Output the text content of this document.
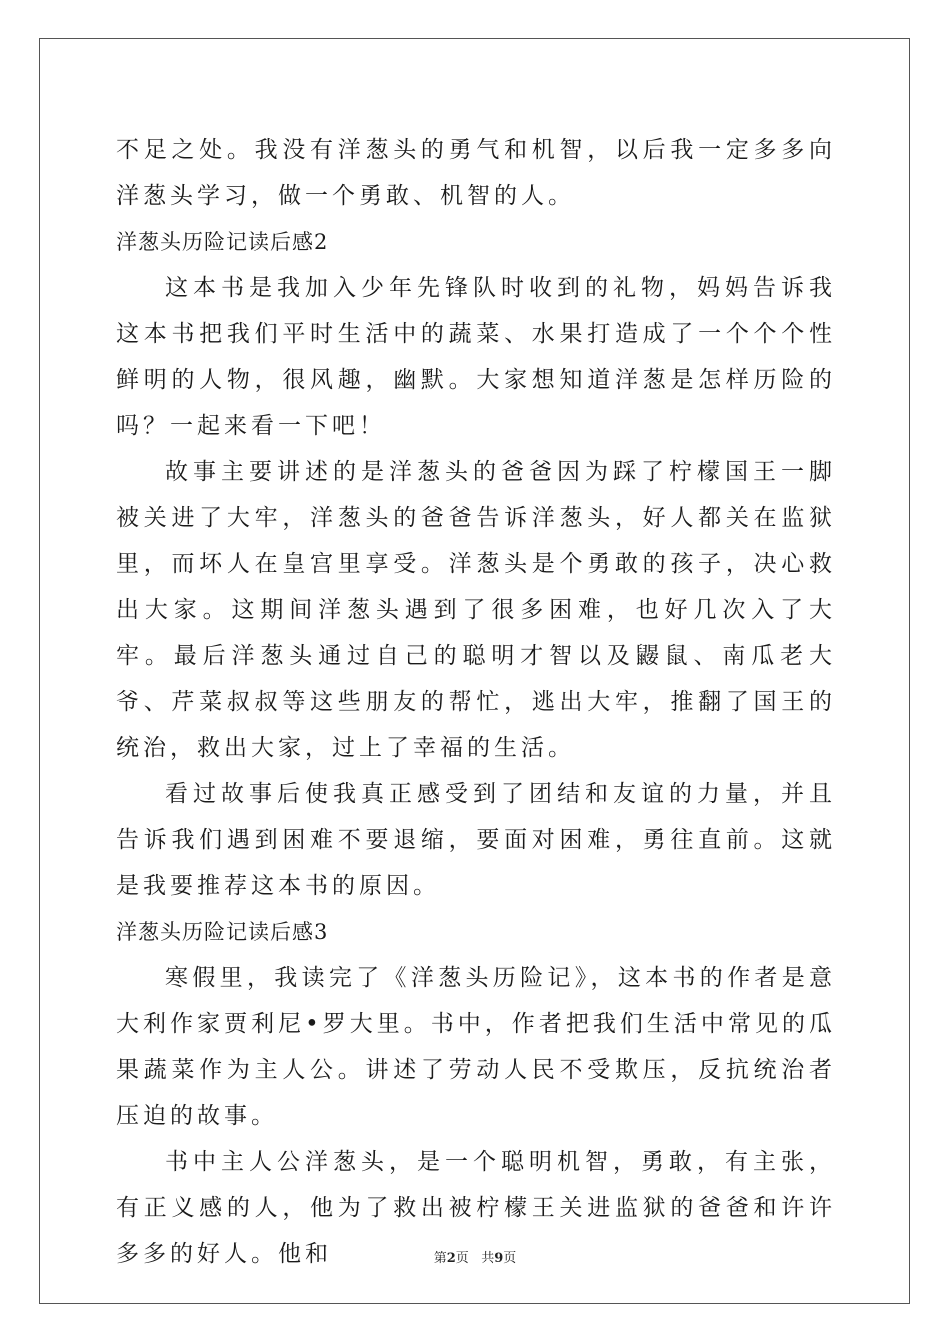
不足之处。我没有洋葱头的勇气和机智，以后我一定多多向洋葱头学习，做一个勇敢、机智的人。

洋葱头历险记读后感2

这本书是我加入少年先锋队时收到的礼物，妈妈告诉我这本书把我们平时生活中的蔬菜、水果打造成了一个个个性鲜明的人物，很风趣，幽默。大家想知道洋葱是怎样历险的吗？一起来看一下吧！

故事主要讲述的是洋葱头的爸爸因为踩了柠檬国王一脚被关进了大牢，洋葱头的爸爸告诉洋葱头，好人都关在监狱里，而坏人在皇宫里享受。洋葱头是个勇敢的孩子，决心救出大家。这期间洋葱头遇到了很多困难，也好几次入了大牢。最后洋葱头通过自己的聪明才智以及鼹鼠、南瓜老大爷、芹菜叔叔等这些朋友的帮忙，逃出大牢，推翻了国王的统治，救出大家，过上了幸福的生活。

看过故事后使我真正感受到了团结和友谊的力量，并且告诉我们遇到困难不要退缩，要面对困难，勇往直前。这就是我要推荐这本书的原因。

洋葱头历险记读后感3

寒假里，我读完了《洋葱头历险记》，这本书的作者是意大利作家贾利尼•罗大里。书中，作者把我们生活中常见的瓜果蔬菜作为主人公。讲述了劳动人民不受欺压，反抗统治者压迫的故事。

书中主人公洋葱头，是一个聪明机智，勇敢，有主张，有正义感的人，他为了救出被柠檬王关进监狱的爸爸和许许多多的好人。他和	第2页 共9页
